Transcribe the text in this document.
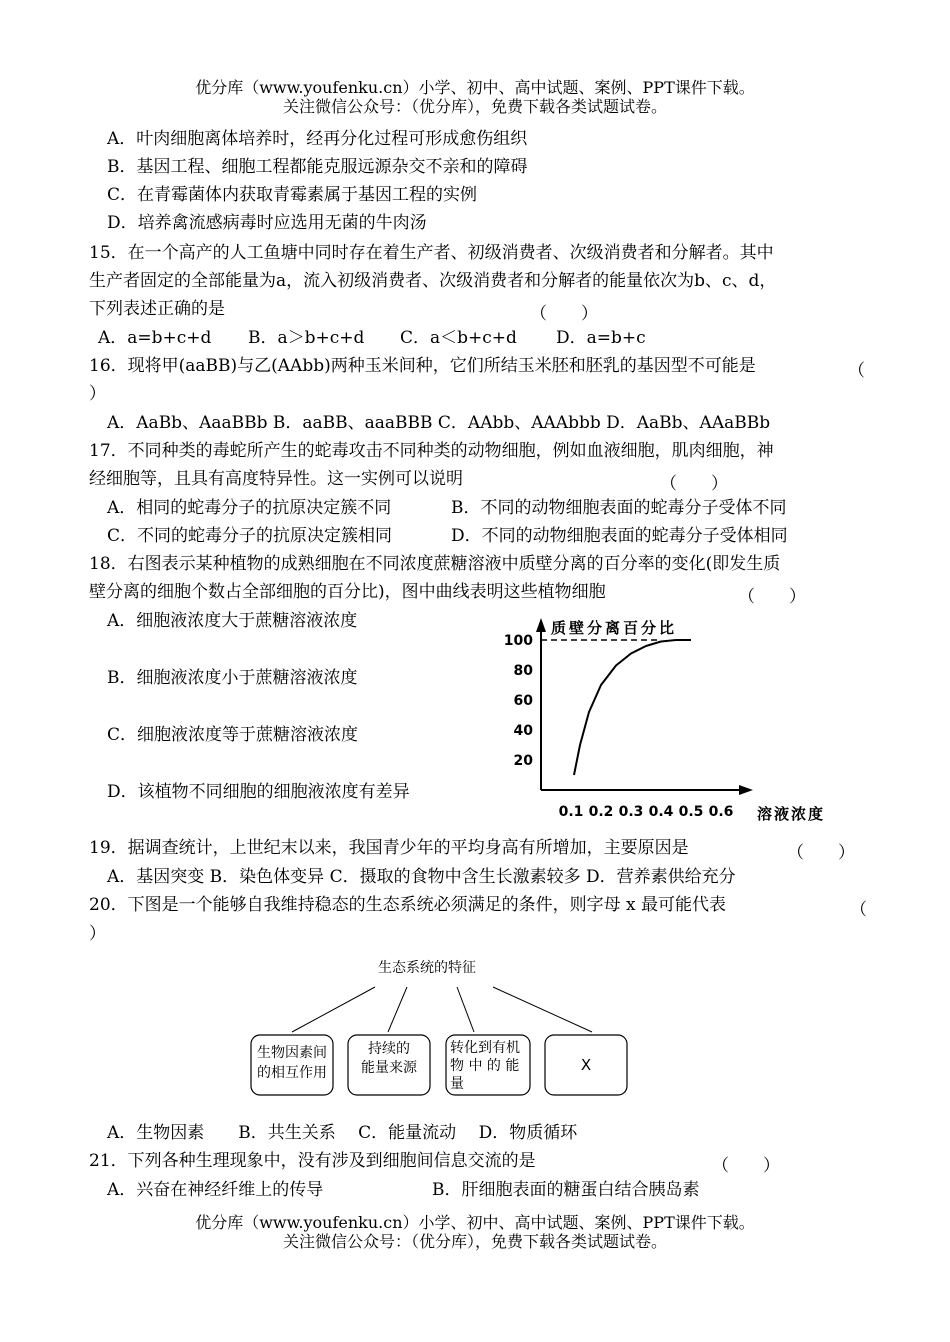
优分库（www.youfenku.cn）小学、初中、高中试题、案例、PPT课件下载。
关注微信公众号：（优分库），免费下载各类试题试卷。
A．叶肉细胞离体培养时，经再分化过程可形成愈伤组织
B．基因工程、细胞工程都能克服远源杂交不亲和的障碍
C．在青霉菌体内获取青霉素属于基因工程的实例
D．培养禽流感病毒时应选用无菌的牛肉汤
15．在一个高产的人工鱼塘中同时存在着生产者、初级消费者、次级消费者和分解者。其中
生产者固定的全部能量为a，流入初级消费者、次级消费者和分解者的能量依次为b、c、d，
下列表述正确的是	（　　）
A．a=b+c+d B．a＞b+c+d C．a＜b+c+d D．a=b+c
16．现将甲(aaBB)与乙(AAbb)两种玉米间种，它们所结玉米胚和胚乳的基因型不可能是	（
）
A．AaBb、AaaBBb B．aaBB、aaaBBB C．AAbb、AAAbbb D．AaBb、AAaBBb
17．不同种类的毒蛇所产生的蛇毒攻击不同种类的动物细胞，例如血液细胞，肌肉细胞，神
经细胞等，且具有高度特异性。这一实例可以说明	（　　）
A．相同的蛇毒分子的抗原决定簇不同	B．不同的动物细胞表面的蛇毒分子受体不同
C．不同的蛇毒分子的抗原决定簇相同	D．不同的动物细胞表面的蛇毒分子受体相同
18．右图表示某种植物的成熟细胞在不同浓度蔗糖溶液中质壁分离的百分率的变化(即发生质
壁分离的细胞个数占全部细胞的百分比)，图中曲线表明这些植物细胞	（　　）
A．细胞液浓度大于蔗糖溶液浓度
B．细胞液浓度小于蔗糖溶液浓度
C．细胞液浓度等于蔗糖溶液浓度
D．该植物不同细胞的细胞液浓度有差异
20
40
60
80
100
0.1 0.2 0.3 0.4 0.5 0.6
质壁分离百分比
溶液浓度
19．据调查统计，上世纪末以来，我国青少年的平均身高有所增加，主要原因是	（　　）
A．基因突变 B．染色体变异 C．摄取的食物中含生长激素较多 D．营养素供给充分
20．下图是一个能够自我维持稳态的生态系统必须满足的条件，则字母 x 最可能代表	（
）
生态系统的特征
生物因素间
的相互作用
持续的
能量来源
转化到有机
物 中 的 能
量
X
A．生物因素　　B．共生关系　 C．能量流动　 D．物质循环
21．下列各种生理现象中，没有涉及到细胞间信息交流的是	（　　）
A．兴奋在神经纤维上的传导	B．肝细胞表面的糖蛋白结合胰岛素
优分库（www.youfenku.cn）小学、初中、高中试题、案例、PPT课件下载。
关注微信公众号：（优分库），免费下载各类试题试卷。
